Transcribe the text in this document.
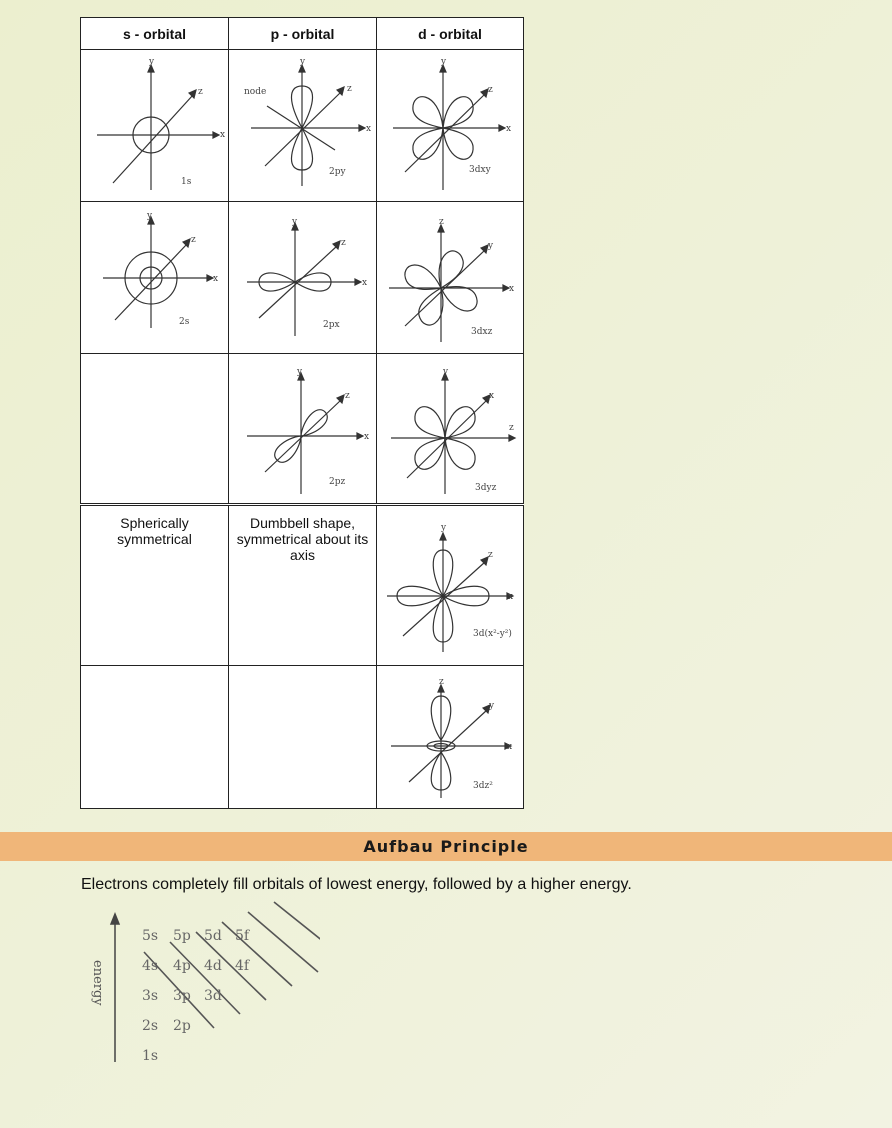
s - orbital	p - orbital	d - orbital
y
x
z
1s
y
x
z
node
2py
y
x
z
3dxy
y
x
z
2s
y
x
z
2px
z
x
y
3dxz
y
x
z
2pz
y
z
x
3dyz
Spherically symmetrical
Dumbbell shape, symmetrical about its axis
y
x
z
3d(x²-y²)
z
x
y
3dz²
Aufbau Principle
Electrons completely fill orbitals of lowest energy, followed by a higher energy.
energy
5s 5p 5d 5f
4s 4p 4d 4f
3s 3p 3d
2s 2p
1s
